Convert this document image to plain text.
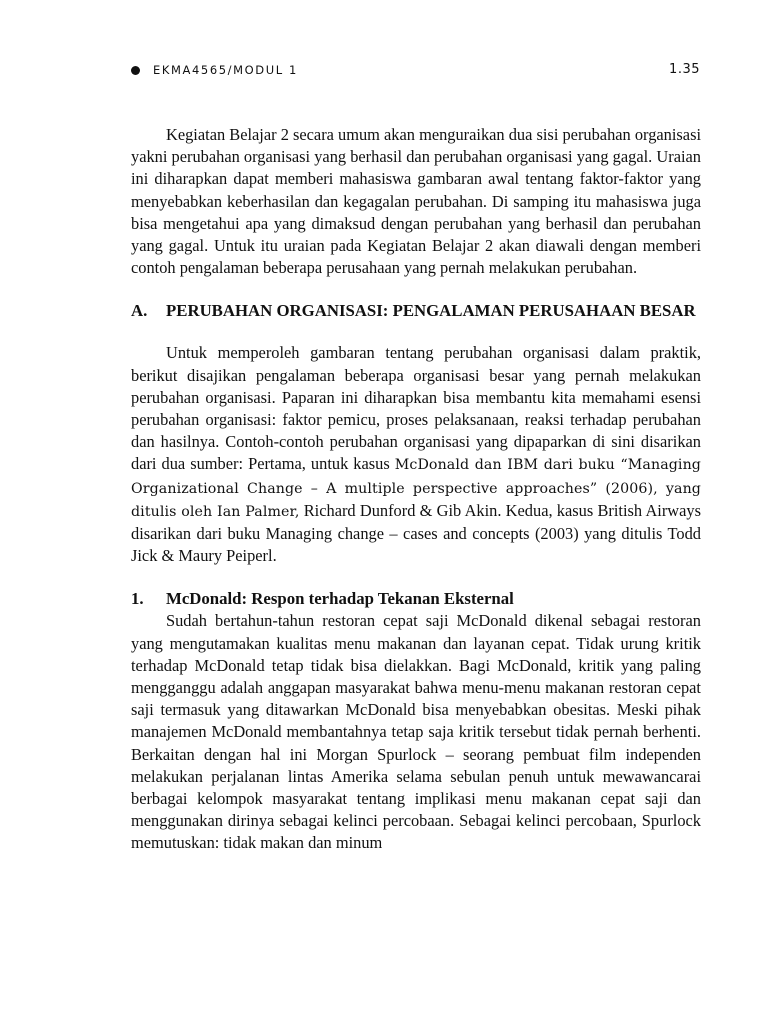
EKMA4565/MODUL 1	1.35

Kegiatan Belajar 2 secara umum akan menguraikan dua sisi perubahan organisasi yakni perubahan organisasi yang berhasil dan perubahan organisasi yang gagal. Uraian ini diharapkan dapat memberi mahasiswa gambaran awal tentang faktor-faktor yang menyebabkan keberhasilan dan kegagalan perubahan. Di samping itu mahasiswa juga bisa mengetahui apa yang dimaksud dengan perubahan yang berhasil dan perubahan yang gagal. Untuk itu uraian pada Kegiatan Belajar 2 akan diawali dengan memberi contoh pengalaman beberapa perusahaan yang pernah melakukan perubahan.

A. PERUBAHAN ORGANISASI: PENGALAMAN PERUSAHAAN BESAR

Untuk memperoleh gambaran tentang perubahan organisasi dalam praktik, berikut disajikan pengalaman beberapa organisasi besar yang pernah melakukan perubahan organisasi. Paparan ini diharapkan bisa membantu kita memahami esensi perubahan organisasi: faktor pemicu, proses pelaksanaan, reaksi terhadap perubahan dan hasilnya. Contoh-contoh perubahan organisasi yang dipaparkan di sini disarikan dari dua sumber: Pertama, untuk kasus McDonald dan IBM dari buku “Managing Organizational Change – A multiple perspective approaches” (2006), yang ditulis oleh Ian Palmer, Richard Dunford & Gib Akin. Kedua, kasus British Airways disarikan dari buku Managing change – cases and concepts (2003) yang ditulis Todd Jick & Maury Peiperl.

1. McDonald: Respon terhadap Tekanan Eksternal

Sudah bertahun-tahun restoran cepat saji McDonald dikenal sebagai restoran yang mengutamakan kualitas menu makanan dan layanan cepat. Tidak urung kritik terhadap McDonald tetap tidak bisa dielakkan. Bagi McDonald, kritik yang paling mengganggu adalah anggapan masyarakat bahwa menu-menu makanan restoran cepat saji termasuk yang ditawarkan McDonald bisa menyebabkan obesitas. Meski pihak manajemen McDonald membantahnya tetap saja kritik tersebut tidak pernah berhenti. Berkaitan dengan hal ini Morgan Spurlock – seorang pembuat film independen melakukan perjalanan lintas Amerika selama sebulan penuh untuk mewawancarai berbagai kelompok masyarakat tentang implikasi menu makanan cepat saji dan menggunakan dirinya sebagai kelinci percobaan. Sebagai kelinci percobaan, Spurlock memutuskan: tidak makan dan minum
